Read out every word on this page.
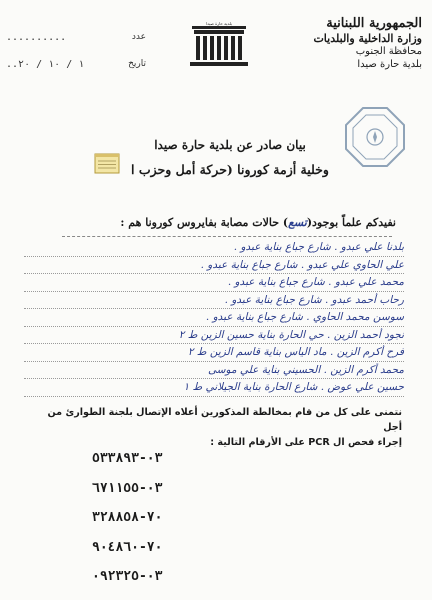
الجمهورية اللبنانية
وزارة الداخلية والبلديات
محافظة الجنوب
بلدية حارة صيدا
بلدية حارة صيدا
عدد
..........
تاريخ
١ / ١٠ / ٢٠..
بيان صادر عن بلدية حارة صيدا
وخلية أزمة كورونا (حركة أمل وحزب ا
نفيدكم علماً بوجود(تسع) حالات مصابة بفايروس كورونا هم :
بلدنا علي عبدو . شارع جباع بناية عبدو .
علي الحاوي علي عبدو . شارع جباع بناية عبدو .
محمد علي عبدو . شارع جباع بناية عبدو .
رحاب أحمد عبدو . شارع جباع بناية عبدو .
سوسن محمد الحاوي . شارع جباع بناية عبدو .
نجود أحمد الزين . حي الحارة بناية حسين الزين ط ٢
فرح أكرم الزين . ماد الياس بناية قاسم الزين ط ٢
محمد أكرم الزين . الحسيني بناية علي موسى
حسين علي عوض . شارع الحارة بناية الجيلاني ط ١
نتمنى على كل من قام بمخالطة المذكورين أعلاه الإتصال بلجنة الطوارئ من أجل
إجراء فحص ال PCR على الأرقام التالية :
٠٣-٥٣٣٨٩٣
٠٣-٦٧١١٥٥
٧٠-٣٢٨٨٥٨
٧٠-٩٠٤٨٦٠
٠٣-٠٩٢٣٢٥
